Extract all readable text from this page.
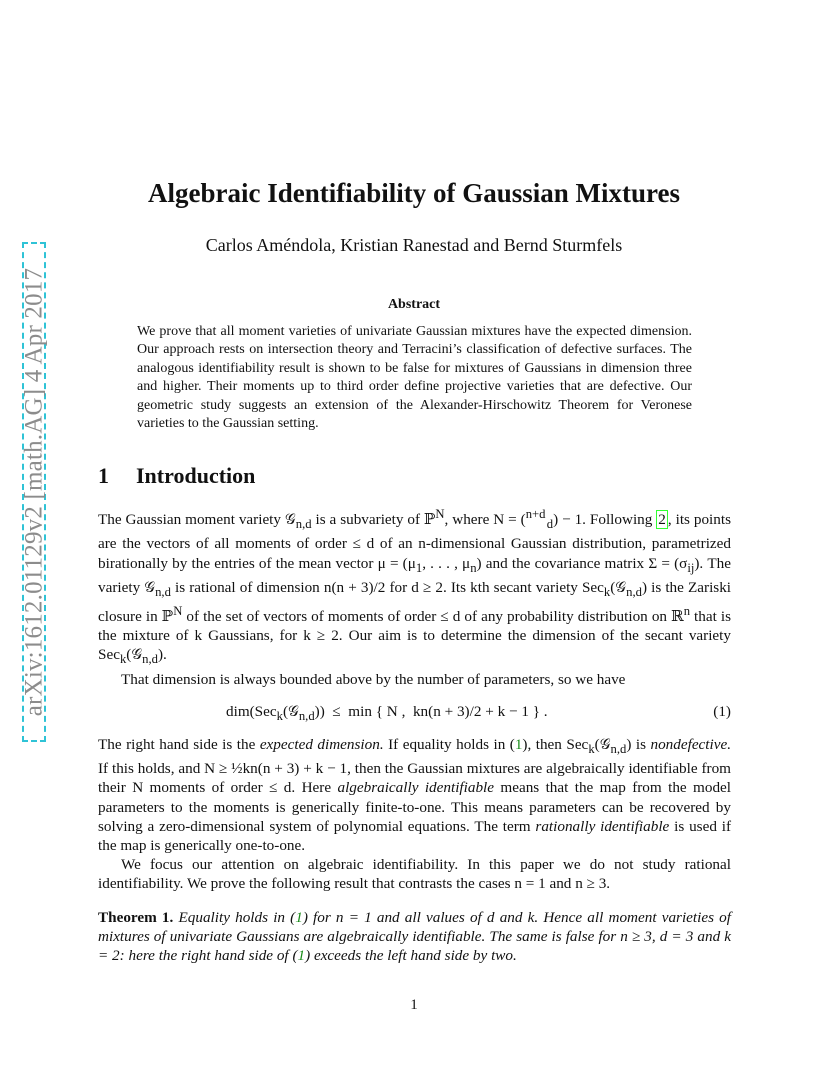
arXiv:1612.01129v2 [math.AG] 4 Apr 2017
Algebraic Identifiability of Gaussian Mixtures
Carlos Améndola, Kristian Ranestad and Bernd Sturmfels
Abstract

We prove that all moment varieties of univariate Gaussian mixtures have the expected dimension. Our approach rests on intersection theory and Terracini’s classification of defective surfaces. The analogous identifiability result is shown to be false for mixtures of Gaussians in dimension three and higher. Their moments up to third order define projective varieties that are defective. Our geometric study suggests an extension of the Alexander-Hirschowitz Theorem for Veronese varieties to the Gaussian setting.

1 Introduction

The Gaussian moment variety 𝒢$_{n,d}$ is a subvariety of ℙ$^N$, where N = ($^{n+d}$ $_d$) − 1. Following 2 , its points are the vectors of all moments of order ≤ d of an n-dimensional Gaussian distribution, parametrized birationally by the entries of the mean vector $\mu = (\mu_1$, . . . , $\mu_n$) and the covariance matrix $\Sigma = (\sigma_{ij})$. The variety 𝒢$_{n,d}$ is rational of dimension n(n + 3)/2 for d ≥ 2. Its kth secant variety Sec$_k$(𝒢$_{n,d}$) is the Zariski closure in ℙ$^N$ of the set of vectors of moments of order ≤ d of any probability distribution on ℝ$^n$ that is the mixture of k Gaussians, for k ≥ 2. Our aim is to determine the dimension of the secant variety Sec$_k$(𝒢$_{n,d}$).

That dimension is always bounded above by the number of parameters, so we have

dim(Sec$_k$(𝒢$_{n,d}$))  ≤  min { N ,  kn(n + 3)/2 + k − 1 } .	(1)

The right hand side is the expected dimension. If equality holds in (1), then Sec$_k$(𝒢$_{n,d}$) is nondefective. If this holds, and N ≥ ½kn(n + 3) + k − 1, then the Gaussian mixtures are algebraically identifiable from their N moments of order ≤ d. Here algebraically identifiable means that the map from the model parameters to the moments is generically finite-to-one. This means parameters can be recovered by solving a zero-dimensional system of polynomial equations. The term rationally identifiable is used if the map is generically one-to-one.

We focus our attention on algebraic identifiability. In this paper we do not study rational identifiability. We prove the following result that contrasts the cases n = 1 and n ≥ 3.

Theorem 1. Equality holds in (1) for n = 1 and all values of d and k. Hence all moment varieties of mixtures of univariate Gaussians are algebraically identifiable. The same is false for n ≥ 3, d = 3 and k = 2: here the right hand side of (1) exceeds the left hand side by two.

1
